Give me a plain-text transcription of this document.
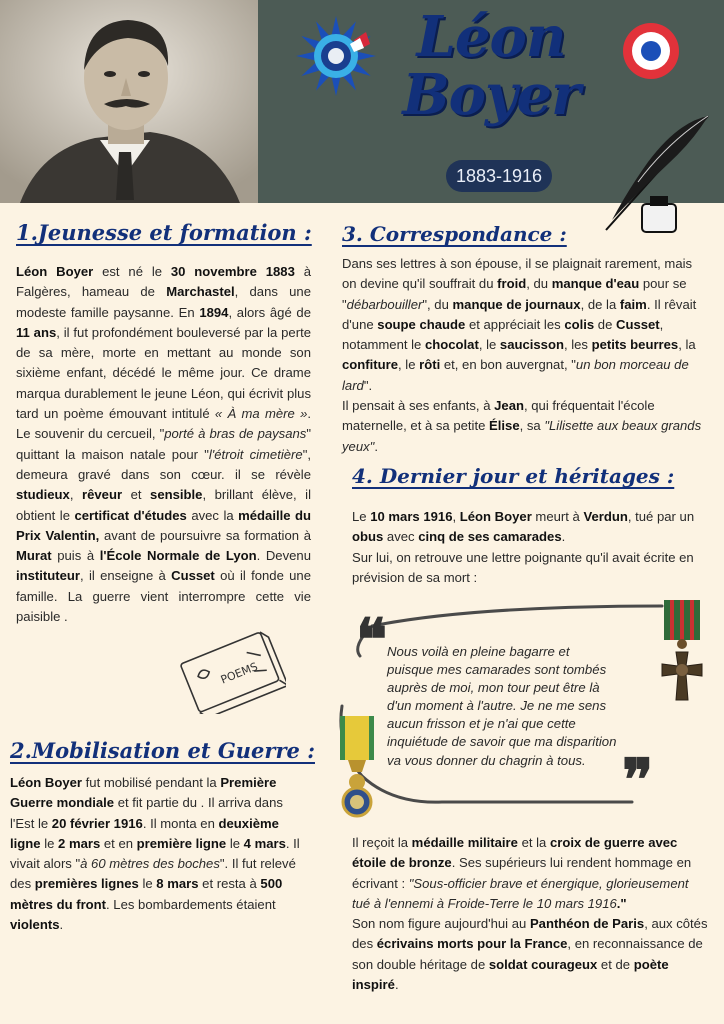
Léon
Boyer
1883-1916
1.Jeunesse et formation :
Léon Boyer est né le 30 novembre 1883 à Falgères, hameau de Marchastel, dans une modeste famille paysanne. En 1894, alors âgé de 11 ans, il fut profondément bouleversé par la perte de sa mère, morte en mettant au monde son sixième enfant, décédé le même jour. Ce drame marqua durablement le jeune Léon, qui écrivit plus tard un poème émouvant intitulé « À ma mère ». Le souvenir du cercueil, "porté à bras de paysans" quittant la maison natale pour "l'étroit cimetière", demeura gravé dans son cœur. il se révèle studieux, rêveur et sensible, brillant élève, il obtient le certificat d'études avec la médaille du Prix Valentin, avant de poursuivre sa formation à Murat puis à l'École Normale de Lyon. Devenu instituteur, il enseigne à Cusset où il fonde une famille. La guerre vient interrompre cette vie paisible .
POEMS
2.Mobilisation et Guerre :
Léon Boyer fut mobilisé pendant la Première Guerre mondiale et fit partie du . Il arriva dans l'Est le 20 février 1916. Il monta en deuxième ligne le 2 mars et en première ligne le 4 mars. Il vivait alors "à 60 mètres des boches". Il fut relevé des premières lignes le 8 mars et resta à 500 mètres du front. Les bombardements étaient violents.
3. Correspondance :
Dans ses lettres à son épouse, il se plaignait rarement, mais on devine qu'il souffrait du froid, du manque d'eau pour se "débarbouiller", du manque de journaux, de la faim. Il rêvait d'une soupe chaude et appréciait les colis de Cusset, notamment le chocolat, le saucisson, les petits beurres, la confiture, le rôti et, en bon auvergnat, "un bon morceau de lard".
Il pensait à ses enfants, à Jean, qui fréquentait l'école maternelle, et à sa petite Élise, sa "Lilisette aux beaux grands yeux".
4. Dernier jour et héritages :
Le 10 mars 1916, Léon Boyer meurt à Verdun, tué par un obus avec cinq de ses camarades.
Sur lui, on retrouve une lettre poignante qu'il avait écrite en prévision de sa mort :
❝
❞
Nous voilà en pleine bagarre et puisque mes camarades sont tombés auprès de moi, mon tour peut être là d'un moment à l'autre. Je ne me sens aucun frisson et je n'ai que cette inquiétude de savoir que ma disparition va vous donner du chagrin à tous.
Il reçoit la médaille militaire et la croix de guerre avec étoile de bronze. Ses supérieurs lui rendent hommage en écrivant : "Sous-officier brave et énergique, glorieusement tué à l'ennemi à Froide-Terre le 10 mars 1916."
Son nom figure aujourd'hui au Panthéon de Paris, aux côtés des écrivains morts pour la France, en reconnaissance de son double héritage de soldat courageux et de poète inspiré.
